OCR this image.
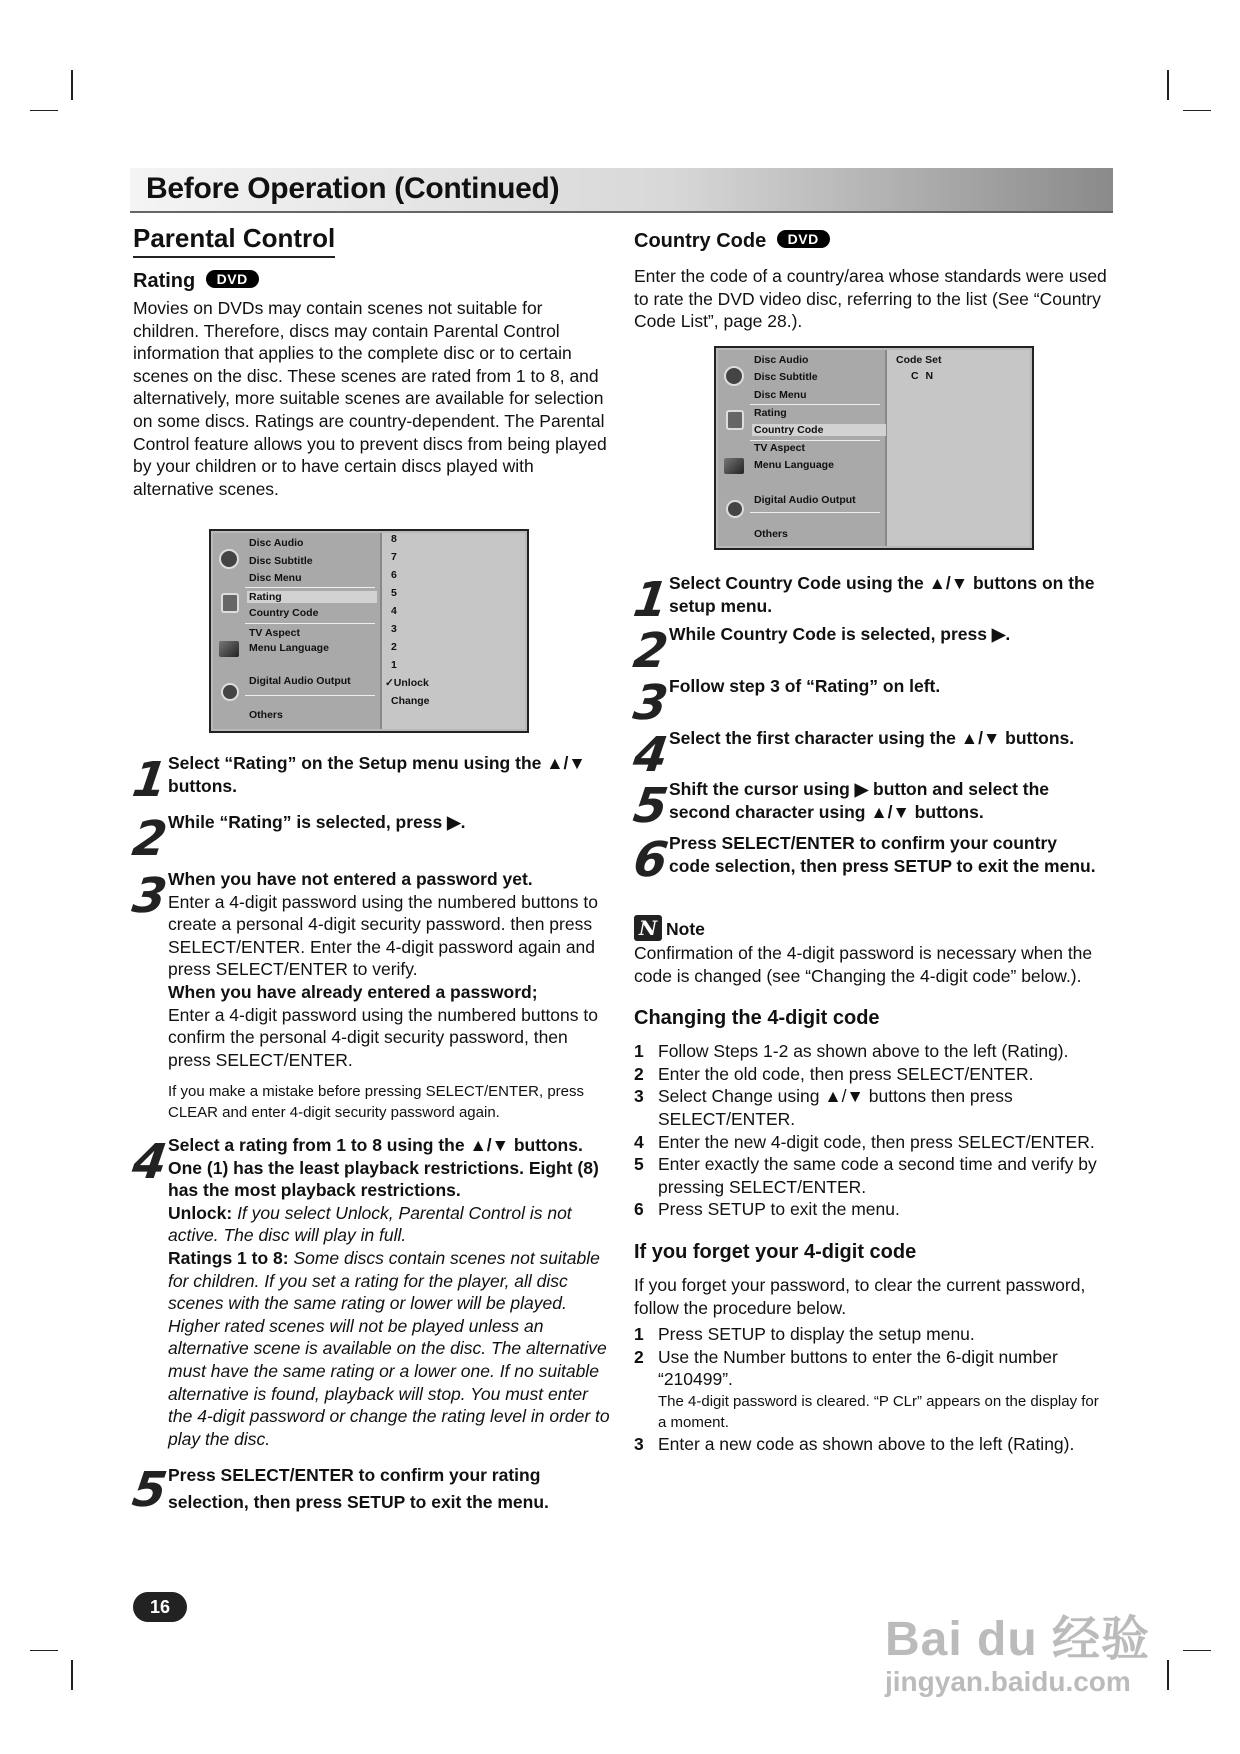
Before Operation (Continued)
Parental Control
Rating DVD
Movies on DVDs may contain scenes not suitable for children. Therefore, discs may contain Parental Control information that applies to the complete disc or to certain scenes on the disc. These scenes are rated from 1 to 8, and alternatively, more suitable scenes are available for selection on some discs. Ratings are country-dependent. The Parental Control feature allows you to prevent discs from being played by your children or to have certain discs played with alternative scenes.
Disc Audio
Disc Subtitle
Disc Menu
Rating
Country Code
TV Aspect
Menu Language
Digital Audio Output
Others
8
7
6
5
4
3
2
1
✓Unlock
Change
1
Select “Rating” on the Setup menu using the ▲/▼ buttons.
2
While “Rating” is selected, press ▶.
3
When you have not entered a password yet.
Enter a 4-digit password using the numbered buttons to create a personal 4-digit security password. then press SELECT/ENTER. Enter the 4-digit password again and press SELECT/ENTER to verify.
When you have already entered a password;
Enter a 4-digit password using the numbered buttons to confirm the personal 4-digit security password, then press SELECT/ENTER.
If you make a mistake before pressing SELECT/ENTER, press CLEAR and enter 4-digit security password again.
4
Select a rating from 1 to 8 using the ▲/▼ buttons. One (1) has the least playback restrictions. Eight (8) has the most playback restrictions.
Unlock: If you select Unlock, Parental Control is not active. The disc will play in full.
Ratings 1 to 8: Some discs contain scenes not suitable for children. If you set a rating for the player, all disc scenes with the same rating or lower will be played. Higher rated scenes will not be played unless an alternative scene is available on the disc. The alternative must have the same rating or a lower one. If no suitable alternative is found, playback will stop. You must enter the 4-digit password or change the rating level in order to play the disc.
5
Press SELECT/ENTER to confirm your rating selection, then press SETUP to exit the menu.
Country Code DVD
Enter the code of a country/area whose standards were used to rate the DVD video disc, referring to the list (See “Country Code List”, page 28.).
Disc Audio
Disc Subtitle
Disc Menu
Rating
Country Code
TV Aspect
Menu Language
Digital Audio Output
Others
Code Set
C N
1
Select Country Code using the ▲/▼ buttons on the setup menu.
2
While Country Code is selected, press ▶.
3
Follow step 3 of “Rating” on left.
4
Select the first character using the ▲/▼ buttons.
5
Shift the cursor using ▶ button and select the second character using ▲/▼ buttons.
6
Press SELECT/ENTER to confirm your country code selection, then press SETUP to exit the menu.
N Note
Confirmation of the 4-digit password is necessary when the code is changed (see “Changing the 4-digit code” below.).
Changing the 4-digit code
1 Follow Steps 1-2 as shown above to the left (Rating).
2 Enter the old code, then press SELECT/ENTER.
3 Select Change using ▲/▼ buttons then press SELECT/ENTER.
4 Enter the new 4-digit code, then press SELECT/ENTER.
5 Enter exactly the same code a second time and verify by pressing SELECT/ENTER.
6 Press SETUP to exit the menu.
If you forget your 4-digit code
If you forget your password, to clear the current password, follow the procedure below.
1 Press SETUP to display the setup menu.
2 Use the Number buttons to enter the 6-digit number “210499”.
The 4-digit password is cleared. “P CLr” appears on the display for a moment.
3 Enter a new code as shown above to the left (Rating).
16
Bai du 经验
jingyan.baidu.com
